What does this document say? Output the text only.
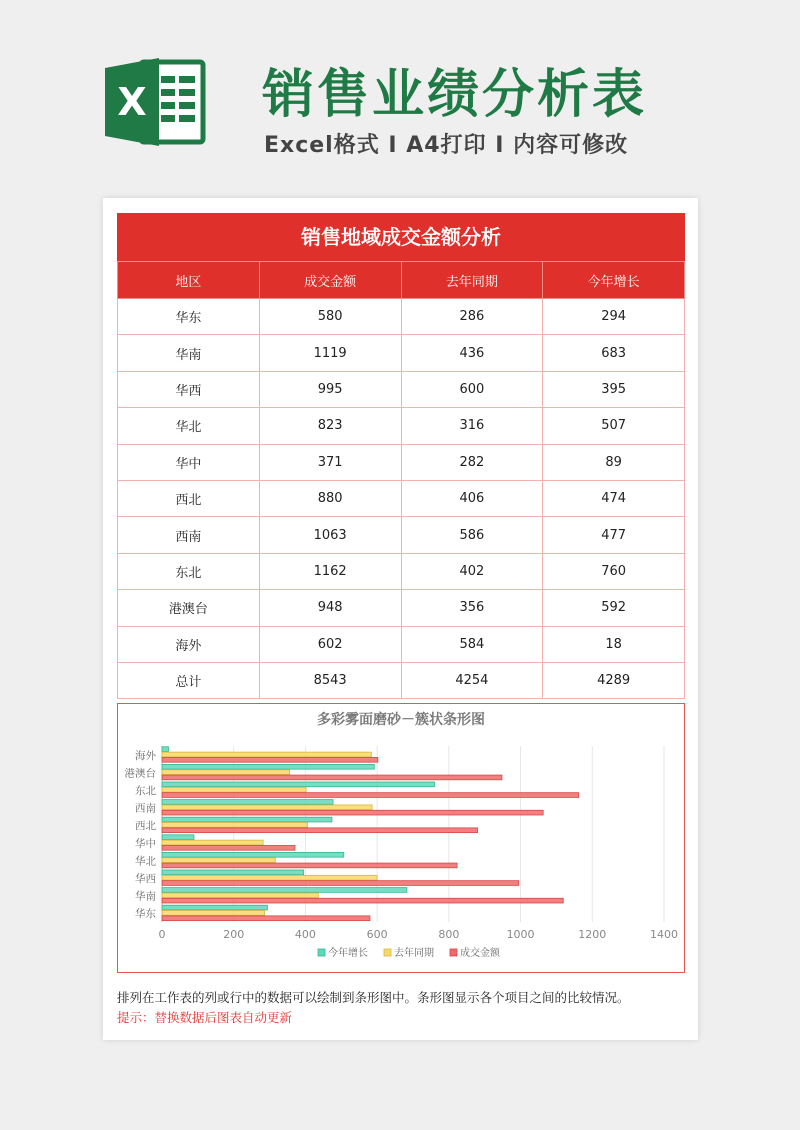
X 销售业绩分析表
Excel格式 I A4打印 I 内容可修改
销售地域成交金额分析
地区	成交金额	去年同期	今年增长
华东	580	286	294
华南	1119	436	683
华西	995	600	395
华北	823	316	507
华中	371	282	89
西北	880	406	474
西南	1063	586	477
东北	1162	402	760
港澳台	948	356	592
海外	602	584	18
总计	8543	4254	4289
多彩雾面磨砂－簇状条形图
0	200	400	600	800	1000	1200	1400
华东
华南
华西
华北
华中
西北
西南
东北
港澳台
海外
今年增长	去年同期	成交金额
排列在工作表的列或行中的数据可以绘制到条形图中。条形图显示各个项目之间的比较情况。
提示：替换数据后图表自动更新
